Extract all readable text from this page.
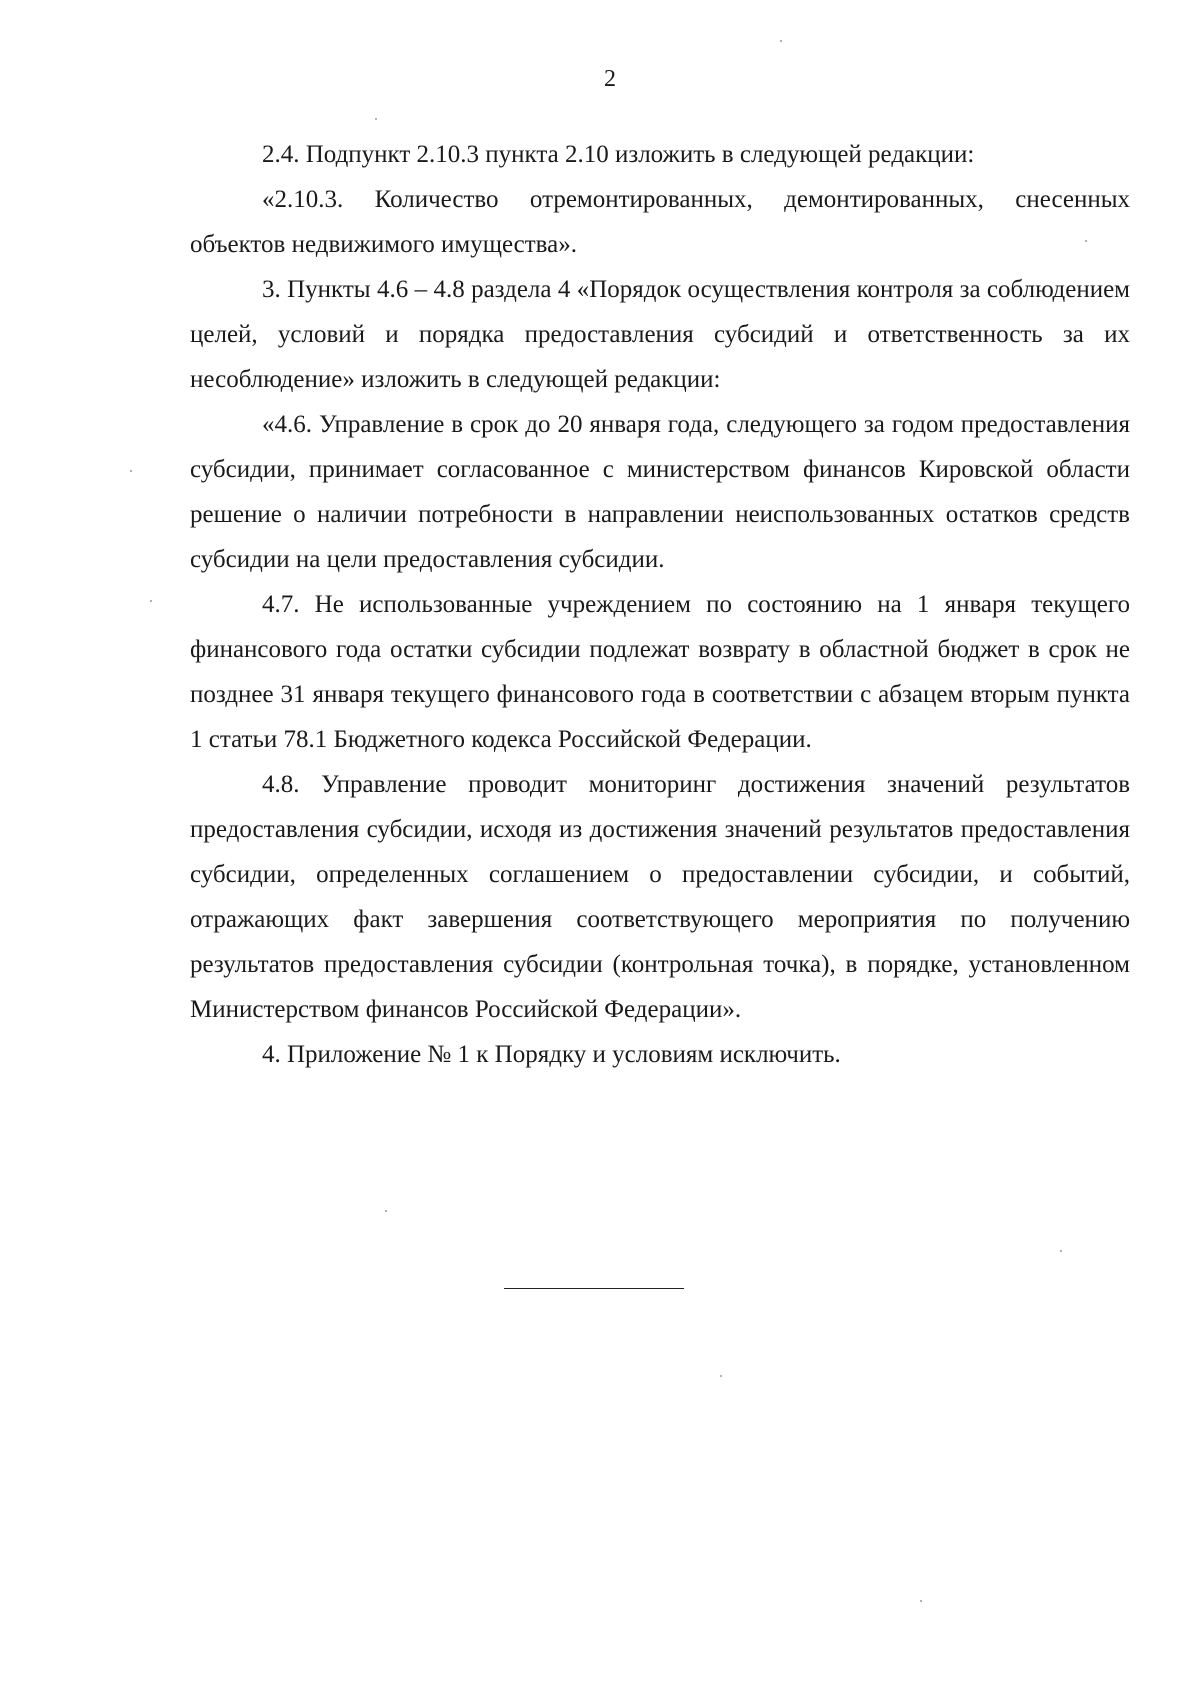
2

2.4. Подпункт 2.10.3 пункта 2.10 изложить в следующей редакции:

«2.10.3. Количество отремонтированных, демонтированных, снесенных объектов недвижимого имущества».

3. Пункты 4.6 – 4.8 раздела 4 «Порядок осуществления контроля за соблюдением целей, условий и порядка предоставления субсидий и ответственность за их несоблюдение» изложить в следующей редакции:

«4.6. Управление в срок до 20 января года, следующего за годом предоставления субсидии, принимает согласованное с министерством финансов Кировской области решение о наличии потребности в направлении неиспользованных остатков средств субсидии на цели предоставления субсидии.

4.7. Не использованные учреждением по состоянию на 1 января текущего финансового года остатки субсидии подлежат возврату в областной бюджет в срок не позднее 31 января текущего финансового года в соответствии с абзацем вторым пункта 1 статьи 78.1 Бюджетного кодекса Российской Федерации.

4.8. Управление проводит мониторинг достижения значений результатов предоставления субсидии, исходя из достижения значений результатов предоставления субсидии, определенных соглашением о предоставлении субсидии, и событий, отражающих факт завершения соответствующего мероприятия по получению результатов предоставления субсидии (контрольная точка), в порядке, установленном Министерством финансов Российской Федерации».

4. Приложение № 1 к Порядку и условиям исключить.
